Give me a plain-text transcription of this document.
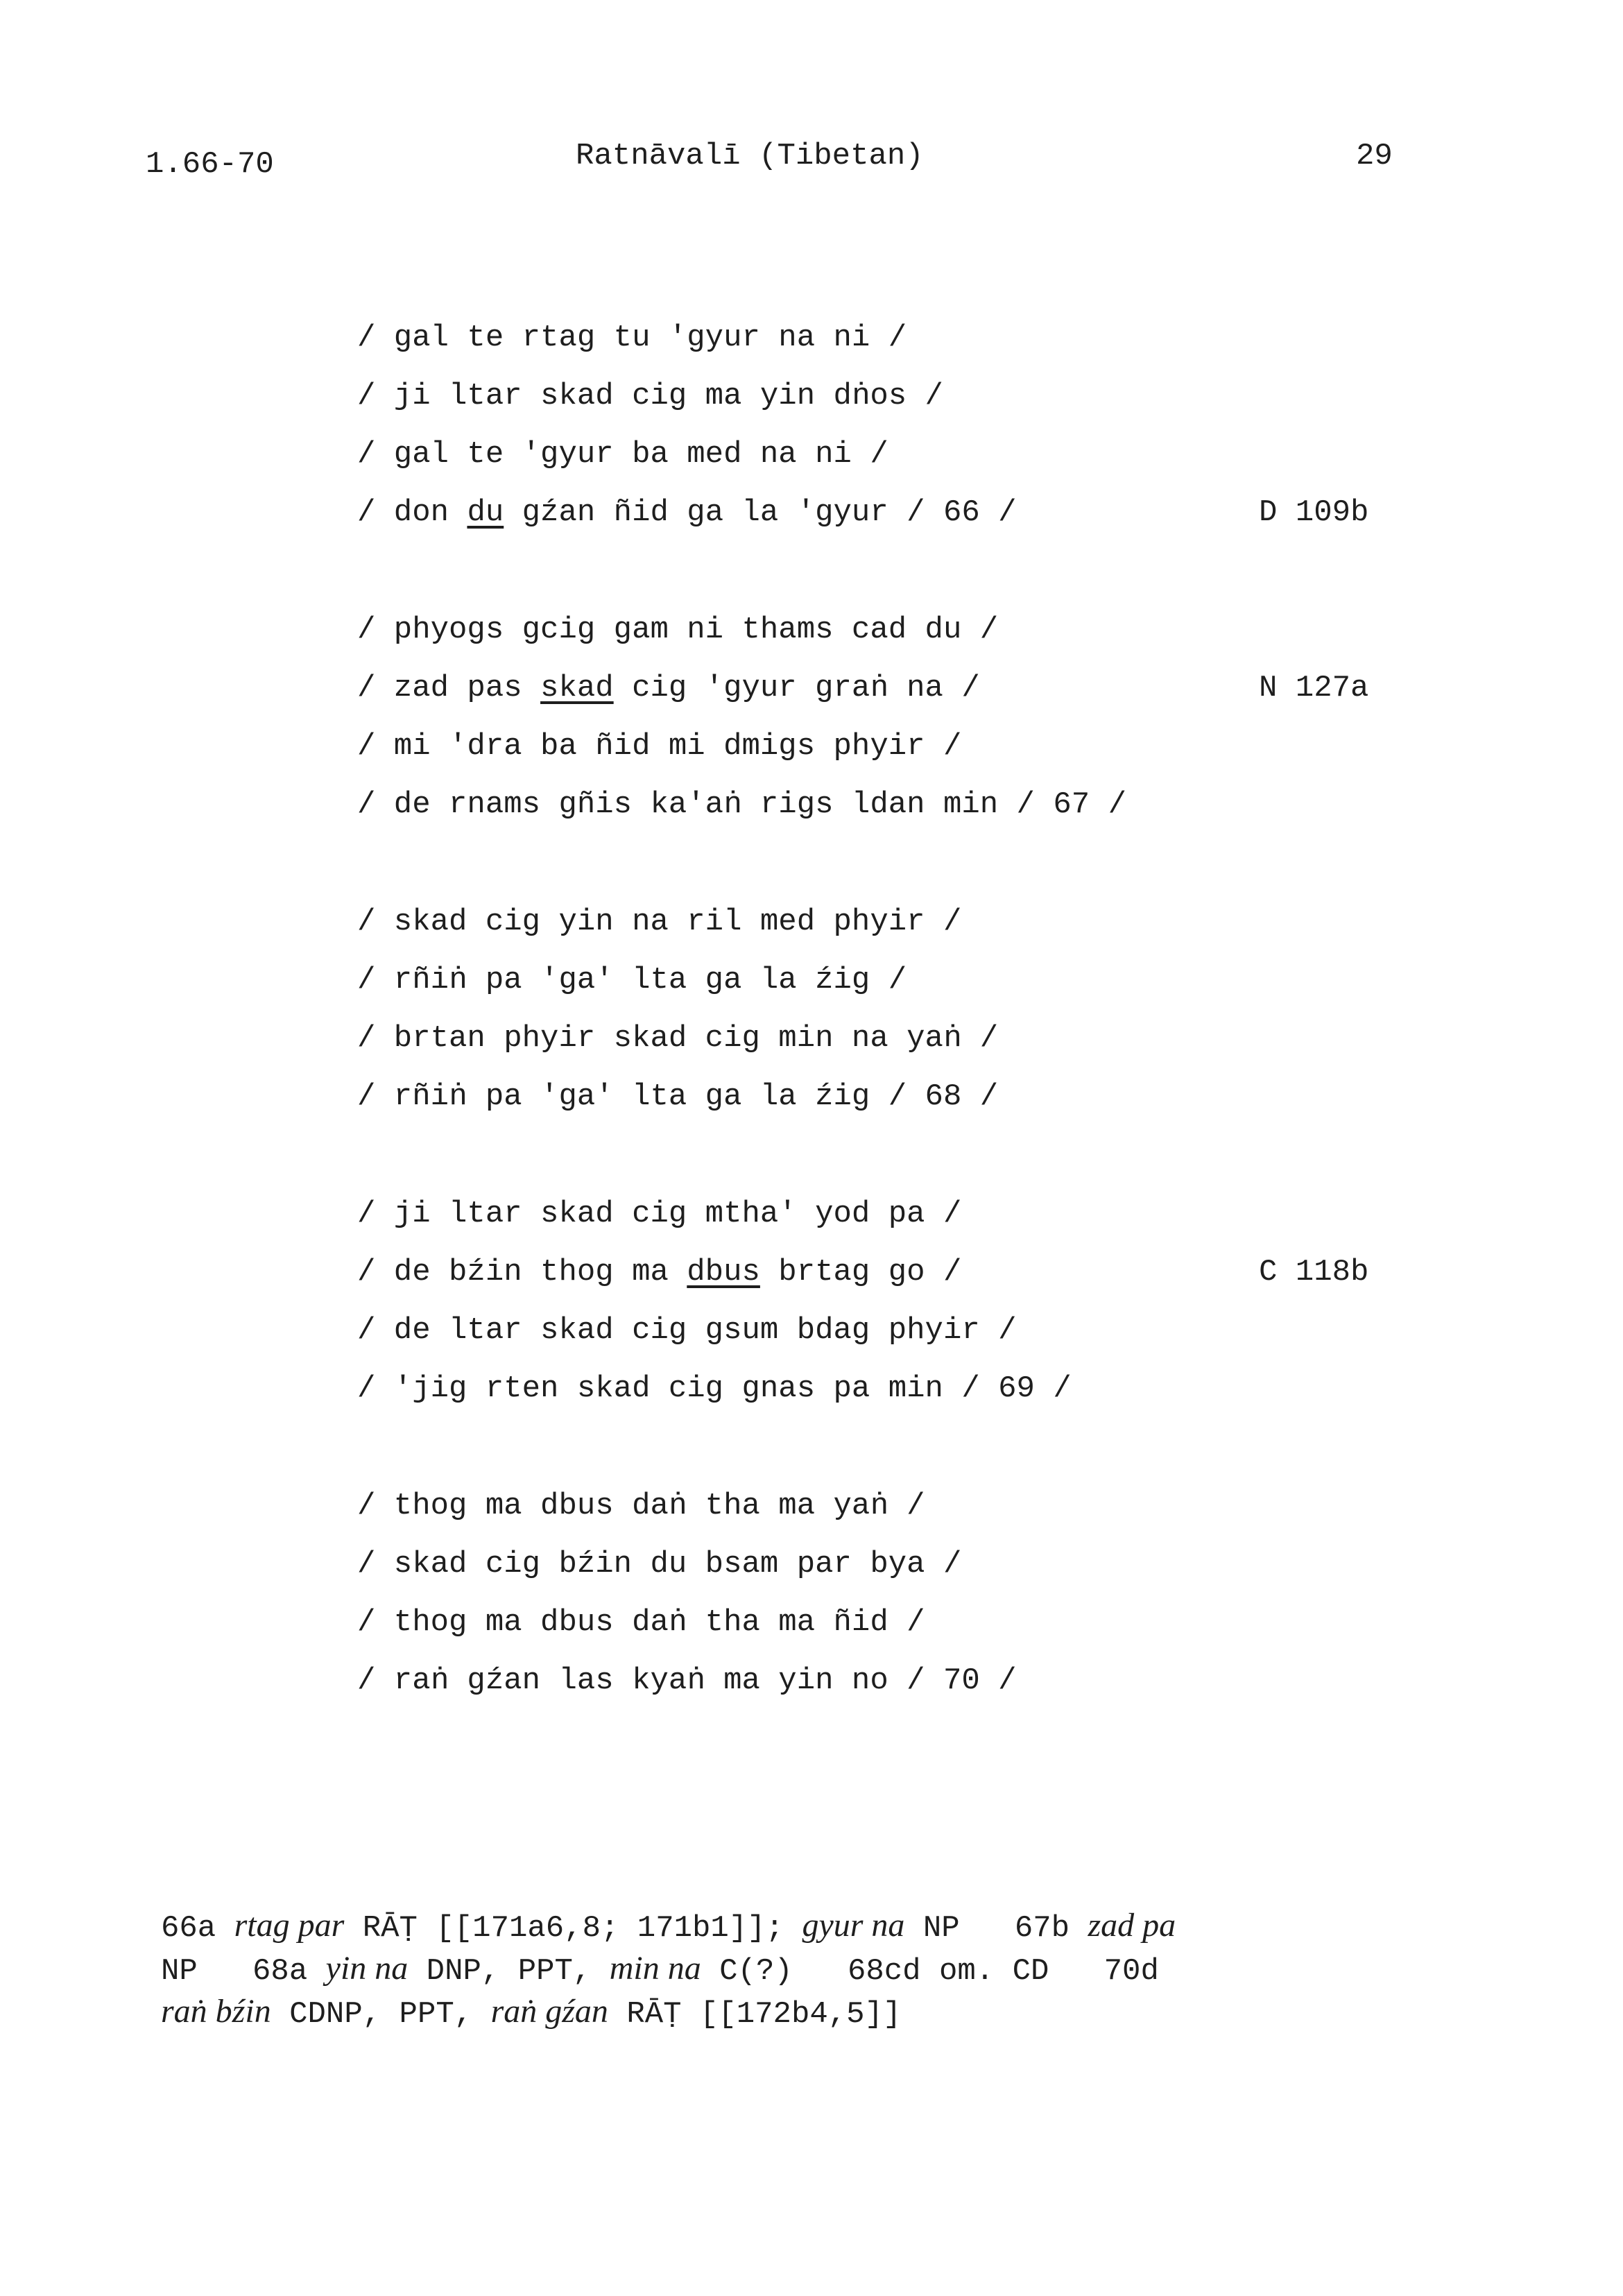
1.66-70	Ratnāvalī (Tibetan)	29
/ gal te rtag tu 'gyur na ni /
/ ji ltar skad cig ma yin dṅos /
/ gal te 'gyur ba med na ni /
/ don du gźan ñid ga la 'gyur / 66 /	D 109b
/ phyogs gcig gam ni thams cad du /
/ zad pas skad cig 'gyur graṅ na /	N 127a
/ mi 'dra ba ñid mi dmigs phyir /
/ de rnams gñis ka'aṅ rigs ldan min / 67 /
/ skad cig yin na ril med phyir /
/ rñiṅ pa 'ga' lta ga la źig /
/ brtan phyir skad cig min na yaṅ /
/ rñiṅ pa 'ga' lta ga la źig / 68 /
/ ji ltar skad cig mtha' yod pa /
/ de bźin thog ma dbus brtag go /	C 118b
/ de ltar skad cig gsum bdag phyir /
/ 'jig rten skad cig gnas pa min / 69 /
/ thog ma dbus daṅ tha ma yaṅ /
/ skad cig bźin du bsam par bya /
/ thog ma dbus daṅ tha ma ñid /
/ raṅ gźan las kyaṅ ma yin no / 70 /
66a rtag par RĀṬ [[171a6,8; 171b1]]; gyur na NP   67b zad pa
NP   68a yin na DNP, PPT, min na C(?)   68cd om. CD   70d
raṅ bźin CDNP, PPT, raṅ gźan RĀṬ [[172b4,5]]
